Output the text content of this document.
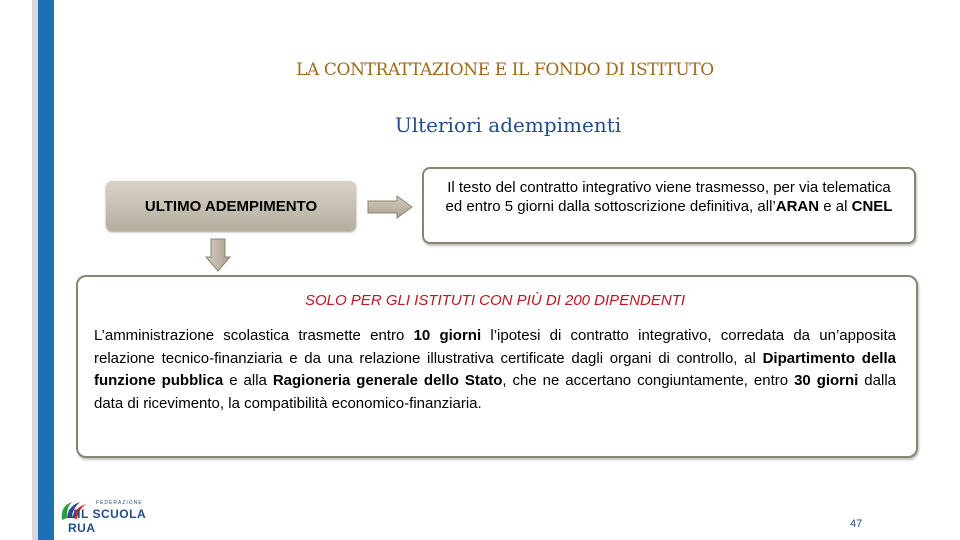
LA CONTRATTAZIONE E IL FONDO DI ISTITUTO
Ulteriori adempimenti
ULTIMO ADEMPIMENTO
Il testo del contratto integrativo viene trasmesso, per via telematica ed entro 5 giorni dalla sottoscrizione definitiva, all’ARAN e al CNEL
SOLO PER GLI ISTITUTI CON PIÙ DI 200 DIPENDENTI
L’amministrazione scolastica trasmette entro 10 giorni l’ipotesi di contratto integrativo, corredata da un’apposita relazione tecnico-finanziaria e da una relazione illustrativa certificate dagli organi di controllo, al Dipartimento della funzione pubblica e alla Ragioneria generale dello Stato, che ne accertano congiuntamente, entro 30 giorni dalla data di ricevimento, la compatibilità economico-finanziaria.
FEDERAZIONE
UIL SCUOLA RUA	47
